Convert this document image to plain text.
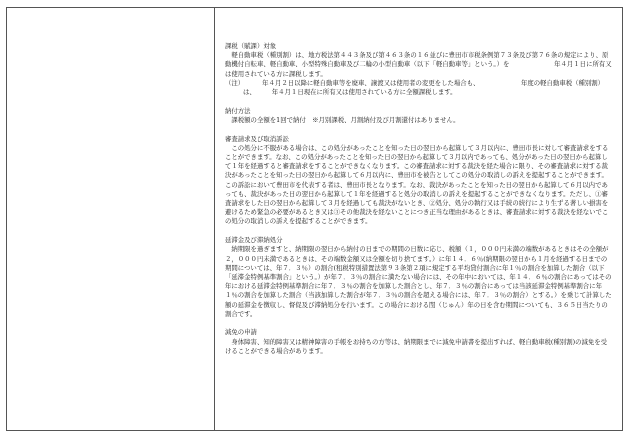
課税（賦課）対象
　軽自動車税（種別割）は、地方税法第４４３条及び第４６３条の１６並びに豊田市市税条例第７３条及び第７６条の規定により、原動機付自転車、軽自動車、小型特殊自動車及び二輪の小型自動車（以下「軽自動車等」という。）を　　　　　　　年４月１日に所有又は使用されている方に課税します。
（注）
　　　年４月２日以降に軽自動車等を廃車、譲渡又は使用者の変更をした場合も、　　　　　　　年度の軽自動車税（種別割）は、　　　年４月１日現在に所有又は使用されている方に全額課税します。
納付方法
　課税額の全額を1回で納付　※月別課税、月割納付及び月割還付はありません。
審査請求及び取消訴訟
　この処分に不服がある場合は、この処分があったことを知った日の翌日から起算して３月以内に、豊田市長に対して審査請求をすることができます。なお、この処分があったことを知った日の翌日から起算して３月以内であっても、処分があった日の翌日から起算して１年を経過すると審査請求をすることができなくなります。この審査請求に対する裁決を経た場合に限り、その審査請求に対する裁決があったことを知った日の翌日から起算して６月以内に、豊田市を被告としてこの処分の取消しの訴えを提起することができます。この訴訟において豊田市を代表する者は、豊田市長となります。なお、裁決があったことを知った日の翌日から起算して６月以内であっても、裁決があった日の翌日から起算して１年を経過すると処分の取消しの訴えを提起することができなくなります。ただし、①審査請求をした日の翌日から起算して３月を経過しても裁決がないとき、②処分、処分の執行又は手続の続行により生ずる著しい損害を避けるため緊急の必要があるとき又は③その他裁決を経ないことにつき正当な理由があるときは、審査請求に対する裁決を経ないでこの処分の取消しの訴えを提起することができます。
延滞金及び滞納処分
　納期限を過ぎますと、納期限の翌日から納付の日までの期間の日数に応じ、税額（１，０００円未満の端数があるときはその全額が２，０００円未満であるときは、その端数金額又は全額を切り捨てます。）に年１４．６％(納期限の翌日から１月を経過する日までの期間については、年７．３％）の割合(租税特別措置法第９３条第２項に規定する平均貸付割合に年１％の割合を加算した割合（以下「延滞金特例基準割合」という。）が年７．３％の割合に満たない場合には、その年中においては、年１４．６％の割合にあってはその年における延滞金特例基準割合に年７．３％の割合を加算した割合とし、年７．３％の割合にあっては当該延滞金特例基準割合に年１％の割合を加算した割合（当該加算した割合が年７．３％の割合を超える場合には、年７．３％の割合）とする。）を乗じて計算した額の延滞金を徴収し、督促及び滞納処分を行います。この場合における閏（じゅん）年の日を含む期間についても、３６５日当たりの割合です。
減免の申請
　身体障害、知的障害又は精神障害の手帳をお持ちの方等は、納期限までに減免申請書を提出すれば、軽自動車税(種別割)の減免を受けることができる場合があります。
